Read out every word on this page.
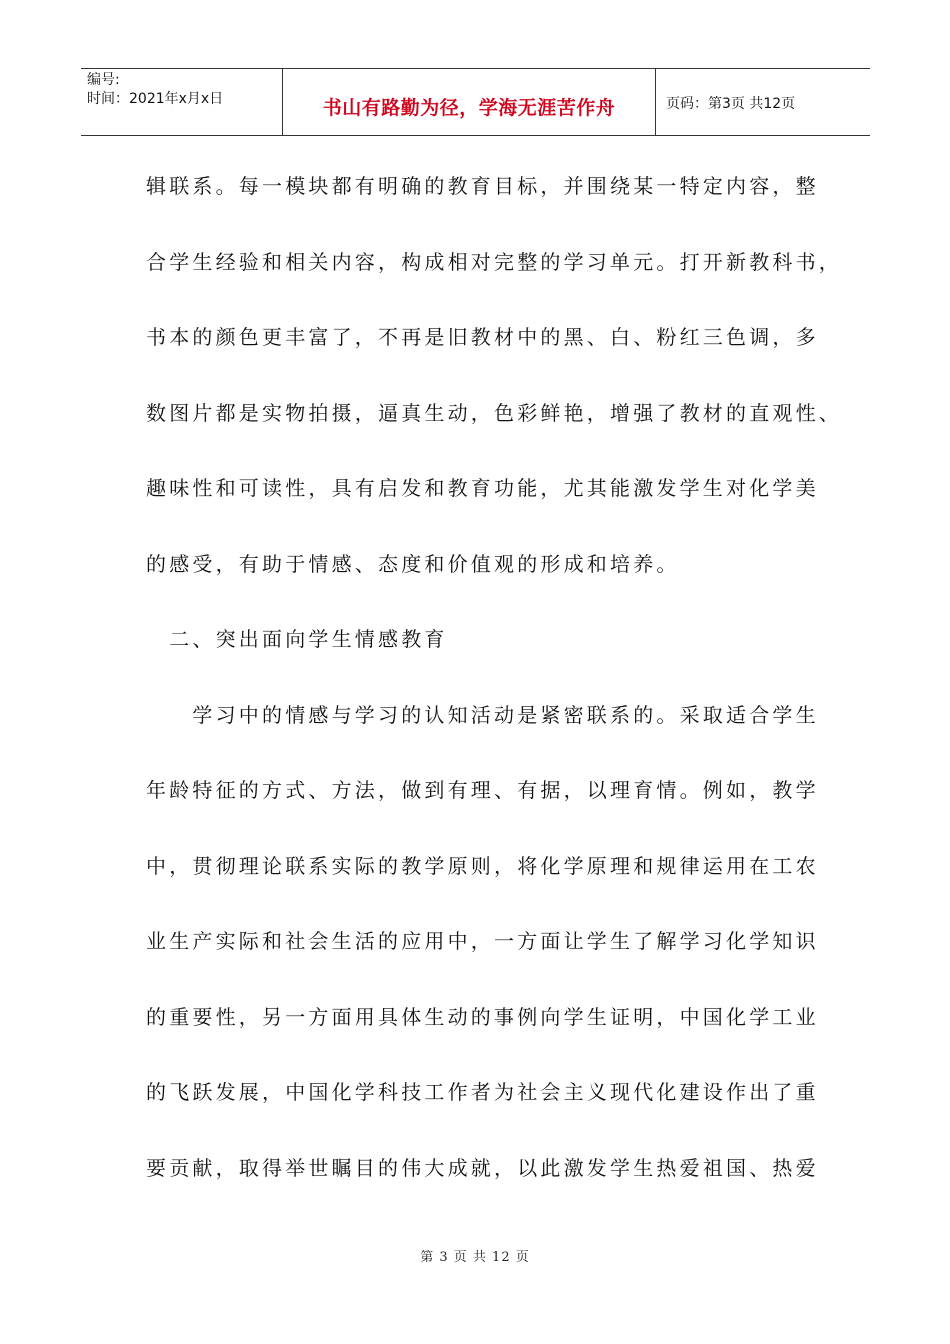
编号:
时间：2021年x月x日	书山有路勤为径，学海无涯苦作舟	页码：第3页 共12页
辑联系。每一模块都有明确的教育目标，并围绕某一特定内容，整
合学生经验和相关内容，构成相对完整的学习单元。打开新教科书，
书本的颜色更丰富了，不再是旧教材中的黑、白、粉红三色调，多
数图片都是实物拍摄，逼真生动，色彩鲜艳，增强了教材的直观性、
趣味性和可读性，具有启发和教育功能，尤其能激发学生对化学美
的感受，有助于情感、态度和价值观的形成和培养。
　二、突出面向学生情感教育
　　学习中的情感与学习的认知活动是紧密联系的。采取适合学生
年龄特征的方式、方法，做到有理、有据，以理育情。例如，教学
中，贯彻理论联系实际的教学原则，将化学原理和规律运用在工农
业生产实际和社会生活的应用中，一方面让学生了解学习化学知识
的重要性，另一方面用具体生动的事例向学生证明，中国化学工业
的飞跃发展，中国化学科技工作者为社会主义现代化建设作出了重
要贡献，取得举世瞩目的伟大成就，以此激发学生热爱祖国、热爱
第 3 页 共 12 页
